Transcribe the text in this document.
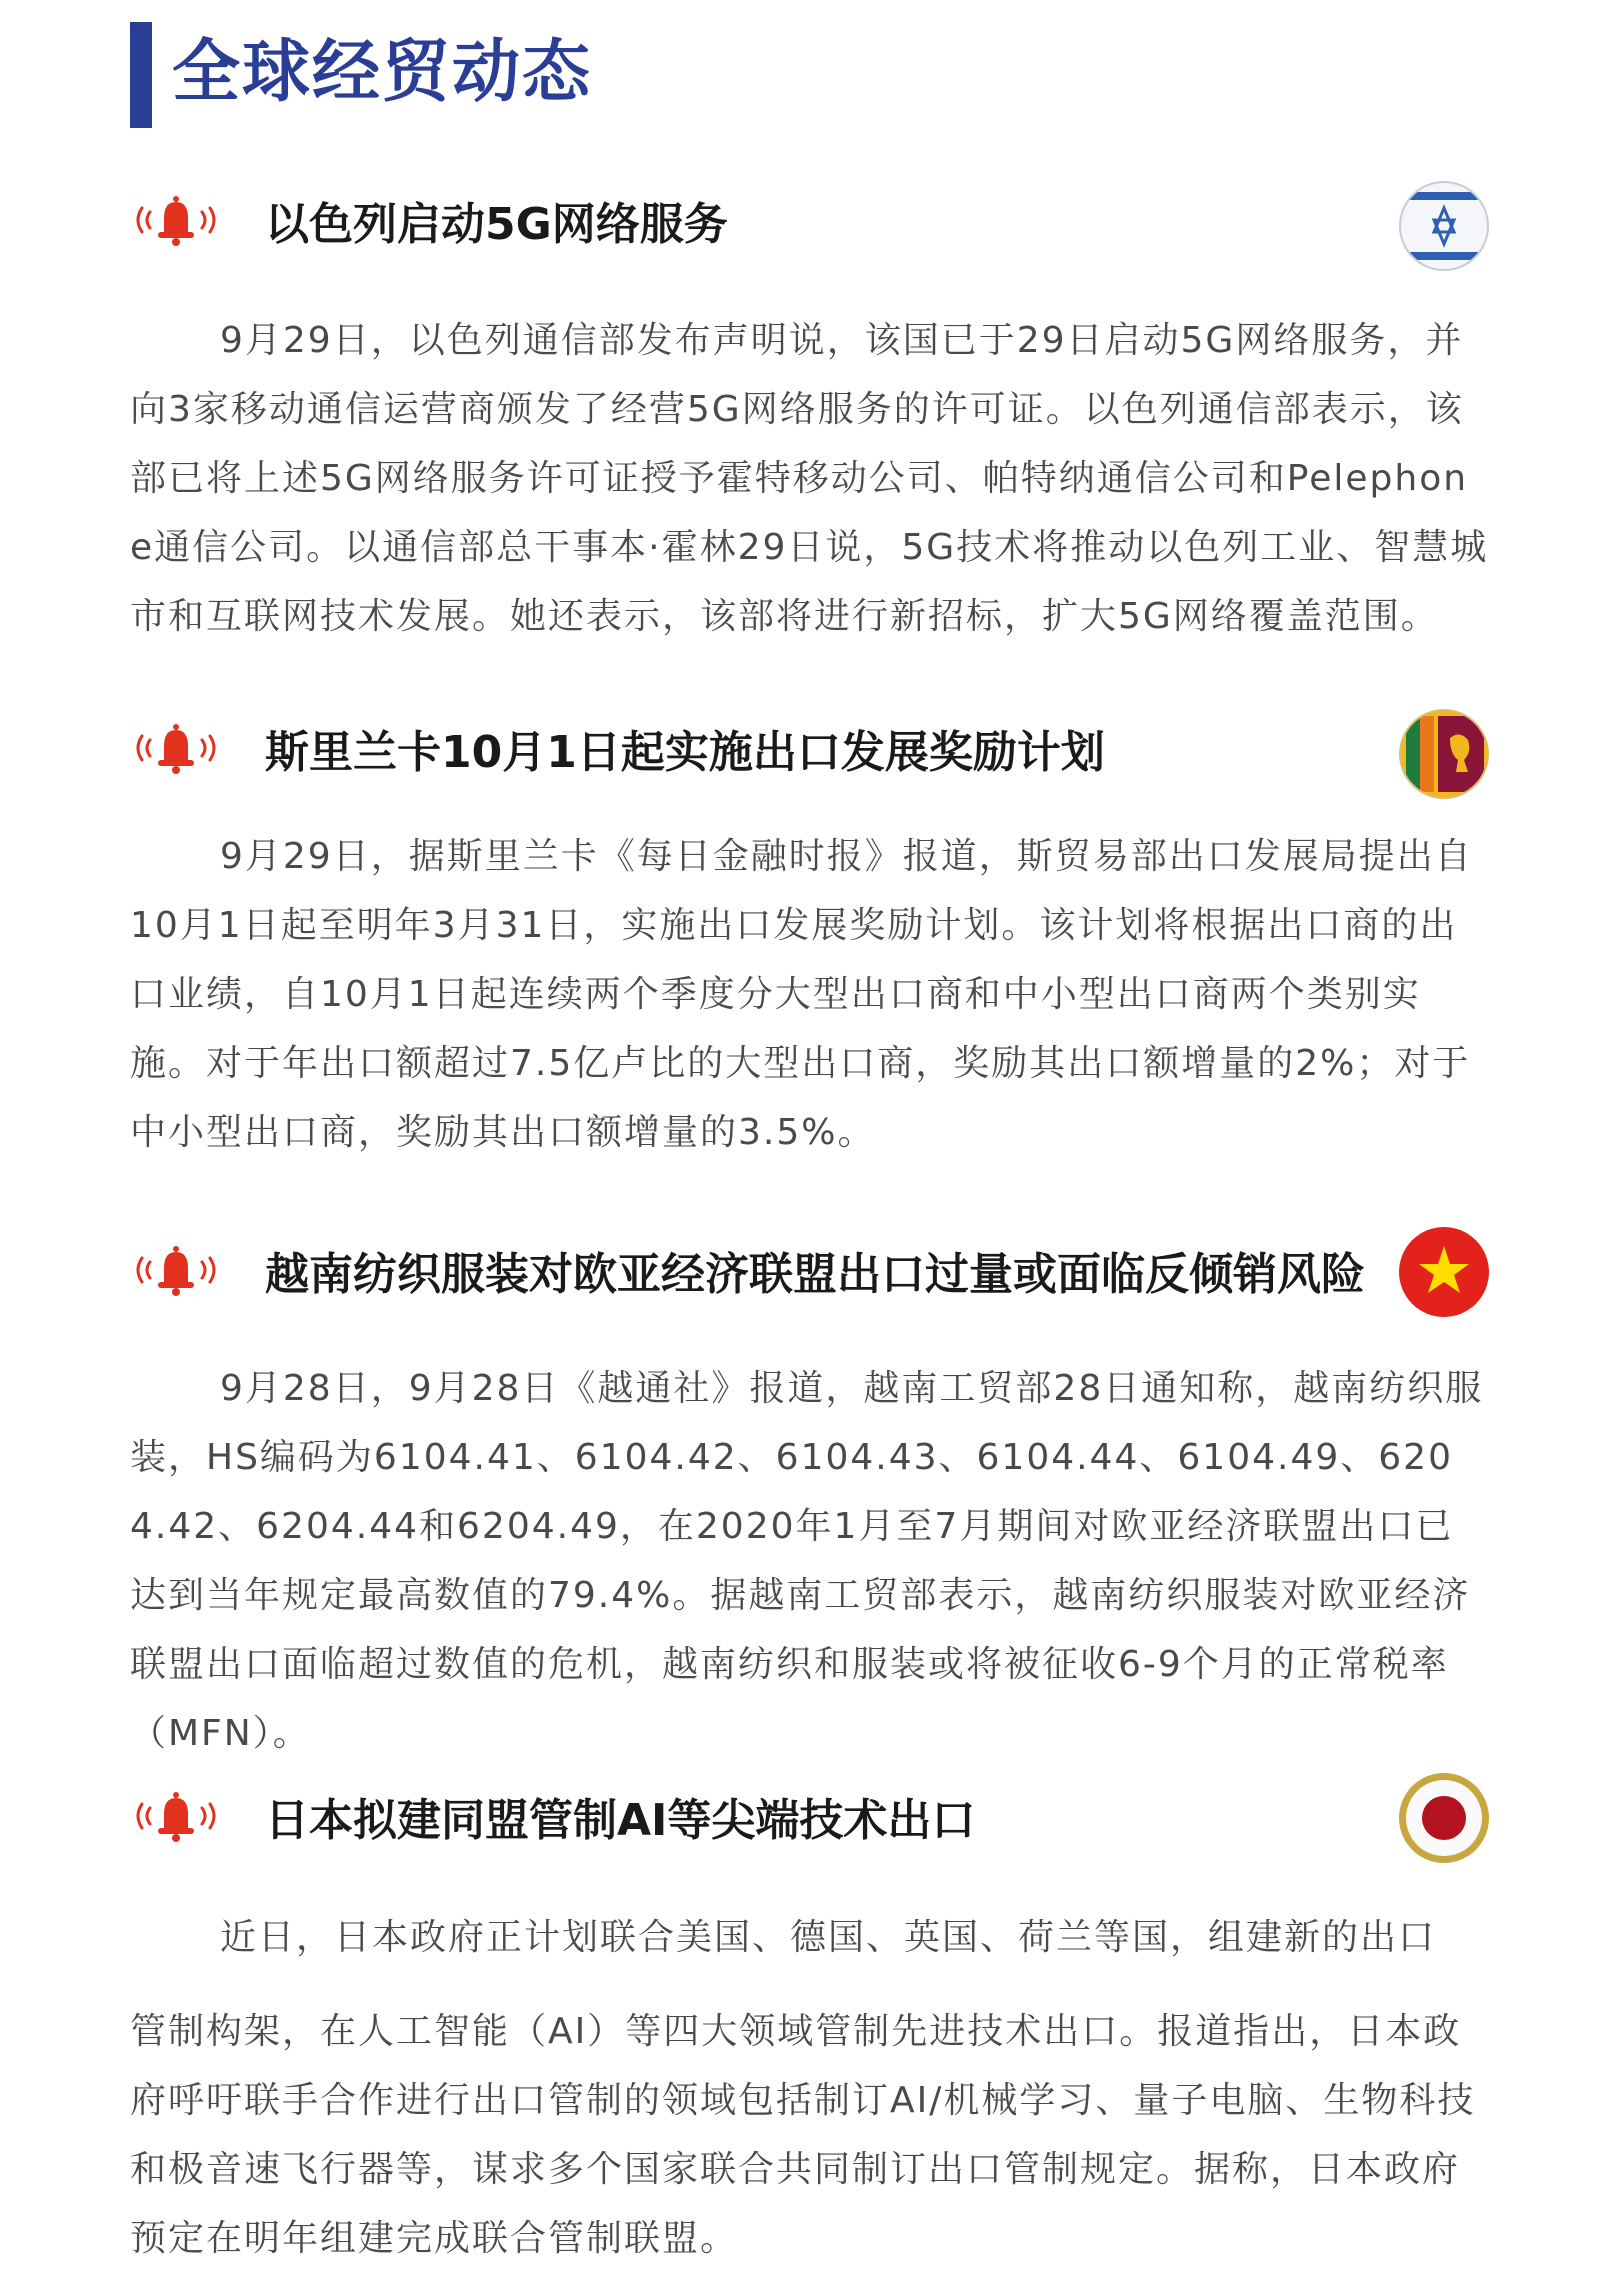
全球经贸动态
以色列启动5G网络服务

9月29日，以色列通信部发布声明说，该国已于29日启动5G网络服务，并向3家移动通信运营商颁发了经营5G网络服务的许可证。以色列通信部表示，该部已将上述5G网络服务许可证授予霍特移动公司、帕特纳通信公司和Pelephone通信公司。以通信部总干事本·霍林29日说，5G技术将推动以色列工业、智慧城市和互联网技术发展。她还表示，该部将进行新招标，扩大5G网络覆盖范围。

斯里兰卡10月1日起实施出口发展奖励计划

9月29日，据斯里兰卡《每日金融时报》报道，斯贸易部出口发展局提出自10月1日起至明年3月31日，实施出口发展奖励计划。该计划将根据出口商的出口业绩，自10月1日起连续两个季度分大型出口商和中小型出口商两个类别实施。对于年出口额超过7.5亿卢比的大型出口商，奖励其出口额增量的2%；对于中小型出口商，奖励其出口额增量的3.5%。

越南纺织服装对欧亚经济联盟出口过量或面临反倾销风险

9月28日，9月28日《越通社》报道，越南工贸部28日通知称，越南纺织服装，HS编码为6104.41、6104.42、6104.43、6104.44、6104.49、6204.42、6204.44和6204.49，在2020年1月至7月期间对欧亚经济联盟出口已达到当年规定最高数值的79.4%。据越南工贸部表示，越南纺织服装对欧亚经济联盟出口面临超过数值的危机，越南纺织和服装或将被征收6-9个月的正常税率（MFN）。

日本拟建同盟管制AI等尖端技术出口

近日，日本政府正计划联合美国、德国、英国、荷兰等国，组建新的出口

管制构架，在人工智能（AI）等四大领域管制先进技术出口。报道指出，日本政府呼吁联手合作进行出口管制的领域包括制订AI/机械学习、量子电脑、生物科技和极音速飞行器等，谋求多个国家联合共同制订出口管制规定。据称，日本政府预定在明年组建完成联合管制联盟。
